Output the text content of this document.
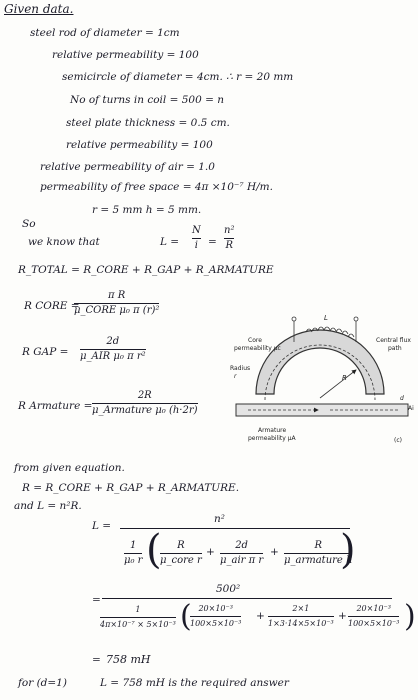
Given data.
steel rod of diameter = 1cm
relative permeability = 100
semicircle of diameter = 4cm. ∴ r = 20 mm
No of turns in coil = 500 = n
steel plate thickness = 0.5 cm.
relative permeability = 100
relative permeability of air = 1.0
permeability of free space = 4π ×10⁻⁷ H/m.
r = 5 mm h = 5 mm.
So
we know that	L =
N
i =
n²
R
R_TOTAL = R_CORE + R_GAP + R_ARMATURE
R CORE =
π R
μ_CORE μ₀ π (r)²
R GAP =
2d
μ_AIR μ₀ π r²
R Armature =
2R
μ_Armature μ₀ (h·2r)
Core
permeability μc
Central flux
path
L
Radius
r	R
d
Ai
Armature
permeability μA	(c)
from given equation.
R = R_CORE + R_GAP + R_ARMATURE.
and L = n²R.
L =
n²
1
μ₀ r ( R
μ_core r
+
2d
μ_air π r
+
R
μ_armature h
)
=
500²
1
4π×10⁻⁷ × 5×10⁻³ ( 20×10⁻³
100×5×10⁻³
+
2×1
1×3·14×5×10⁻³
+
20×10⁻³
100×5×10⁻³ )
= 758 mH
for (d=1)	L = 758 mH is the required answer
